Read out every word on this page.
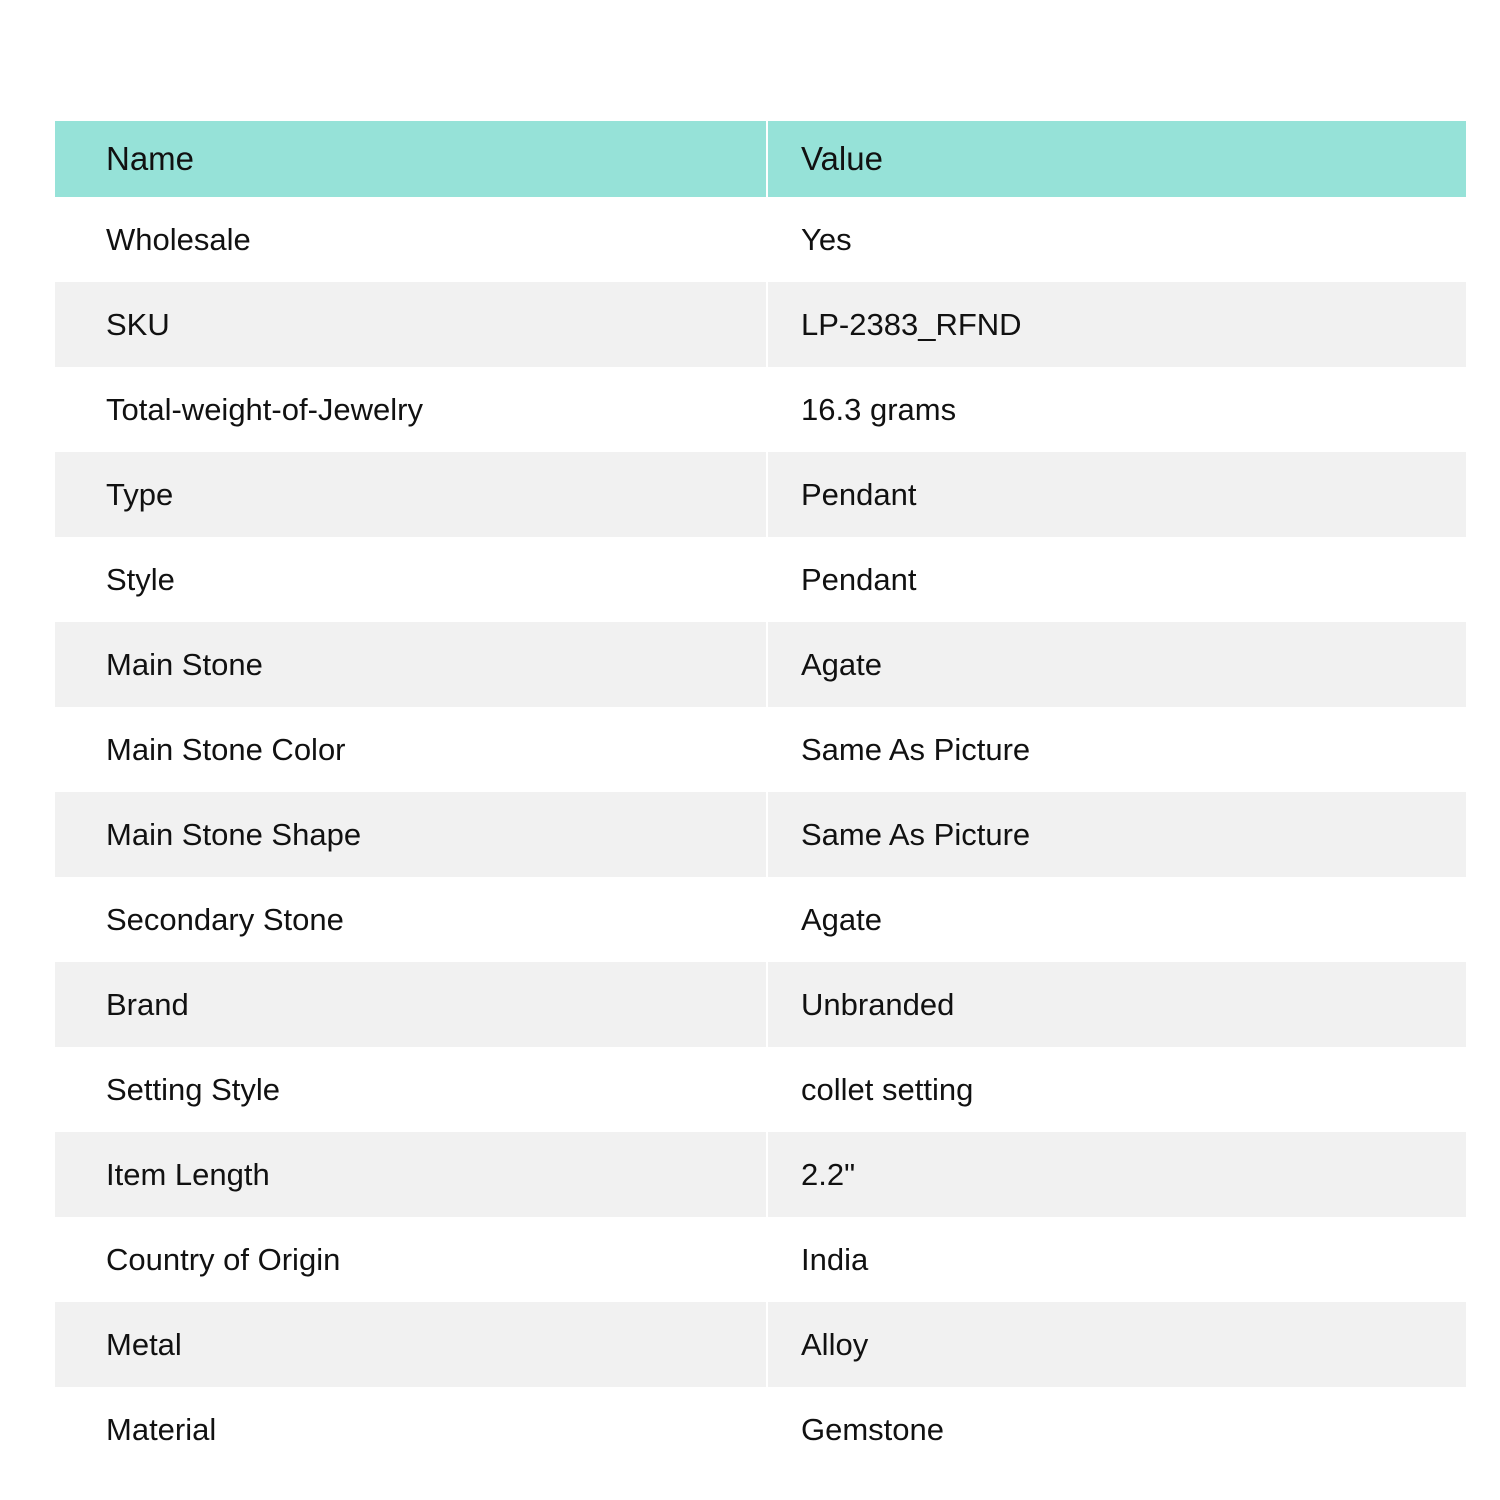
Name	Value
Wholesale	Yes
SKU	LP-2383_RFND
Total-weight-of-Jewelry	16.3 grams
Type	Pendant
Style	Pendant
Main Stone	Agate
Main Stone Color	Same As Picture
Main Stone Shape	Same As Picture
Secondary Stone	Agate
Brand	Unbranded
Setting Style	collet setting
Item Length	2.2"
Country of Origin	India
Metal	Alloy
Material	Gemstone
